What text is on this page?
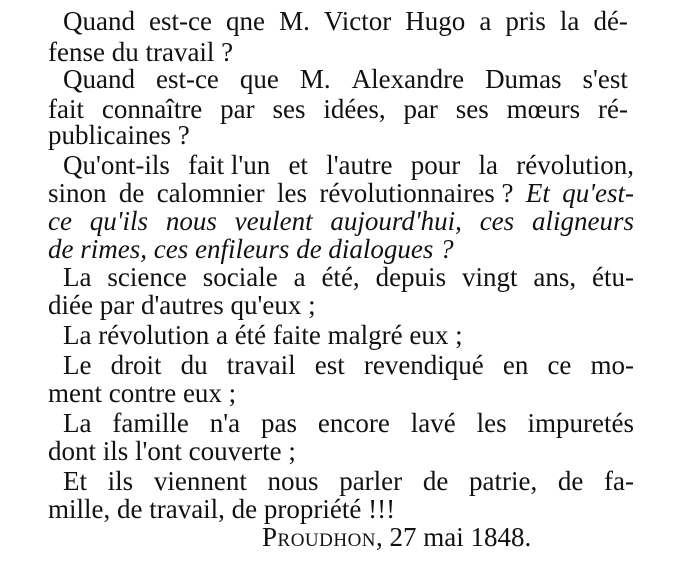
Quand est-ce qne M. Victor Hugo a pris la dé-
fense du travail ?
Quand est-ce que M. Alexandre Dumas s'est
fait connaître par ses idées, par ses mœurs ré-
publicaines ?
Qu'ont-ils fait l'un et l'autre pour la révolution,
sinon de calomnier les révolutionnaires ? Et qu'est-
ce qu'ils nous veulent aujourd'hui, ces aligneurs
de rimes, ces enfileurs de dialogues ?
La science sociale a été, depuis vingt ans, étu-
diée par d'autres qu'eux ;
La révolution a été faite malgré eux ;
Le droit du travail est revendiqué en ce mo-
ment contre eux ;
La famille n'a pas encore lavé les impuretés
dont ils l'ont couverte ;
Et ils viennent nous parler de patrie, de fa-
mille, de travail, de propriété !!!
Proudhon, 27 mai 1848.
